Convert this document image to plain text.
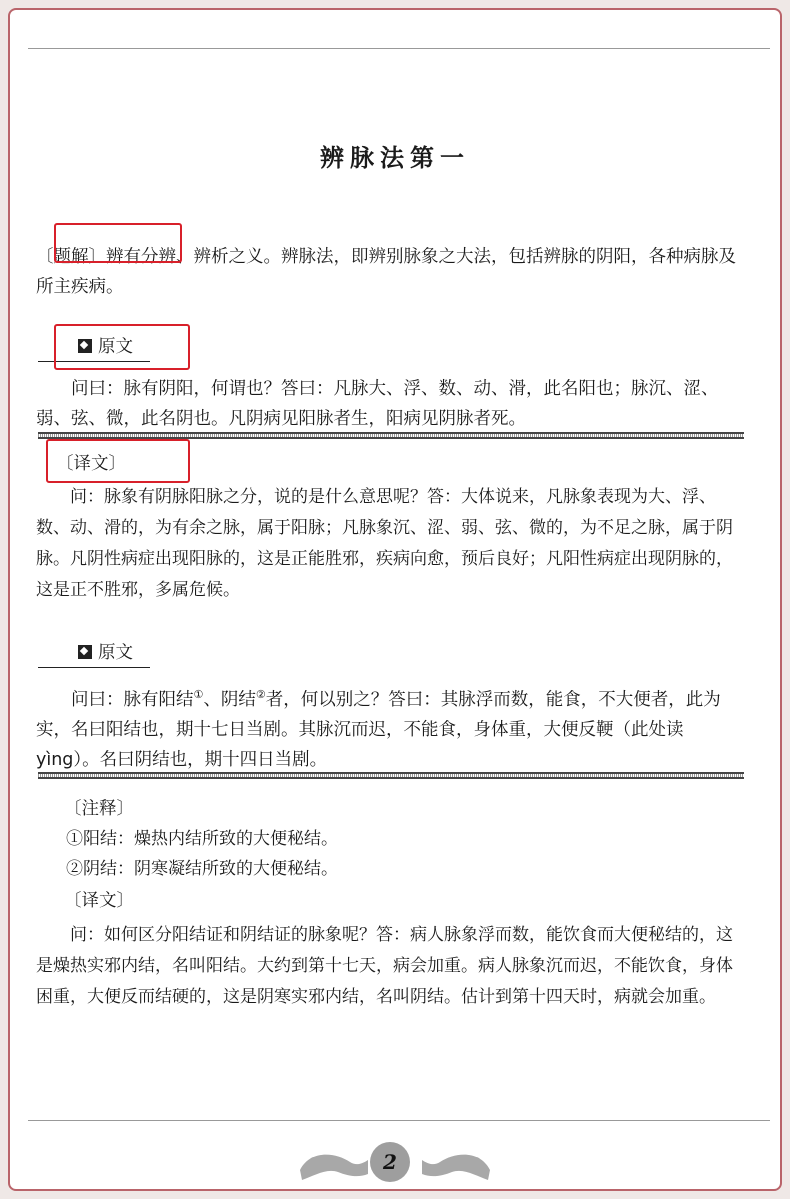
辨脉法第一

〔题解〕辨有分辨、辨析之义。辨脉法，即辨别脉象之大法，包括辨脉的阴阳，各种病脉及所主疾病。

原文

问曰：脉有阴阳，何谓也？答曰：凡脉大、浮、数、动、滑，此名阳也；脉沉、涩、弱、弦、微，此名阴也。凡阴病见阳脉者生，阳病见阴脉者死。

〔译文〕

问：脉象有阴脉阳脉之分，说的是什么意思呢？答：大体说来，凡脉象表现为大、浮、数、动、滑的，为有余之脉，属于阳脉；凡脉象沉、涩、弱、弦、微的，为不足之脉，属于阴脉。凡阴性病症出现阳脉的，这是正能胜邪，疾病向愈，预后良好；凡阳性病症出现阴脉的，这是正不胜邪，多属危候。

原文

问曰：脉有阳结①、阴结②者，何以别之？答曰：其脉浮而数，能食，不大便者，此为实，名曰阳结也，期十七日当剧。其脉沉而迟，不能食，身体重，大便反鞕（此处读yìng）。名曰阴结也，期十四日当剧。

〔注释〕

①阳结：燥热内结所致的大便秘结。

②阴结：阴寒凝结所致的大便秘结。

〔译文〕

问：如何区分阳结证和阴结证的脉象呢？答：病人脉象浮而数，能饮食而大便秘结的，这是燥热实邪内结，名叫阳结。大约到第十七天，病会加重。病人脉象沉而迟，不能饮食，身体困重，大便反而结硬的，这是阴寒实邪内结，名叫阴结。估计到第十四天时，病就会加重。

2
